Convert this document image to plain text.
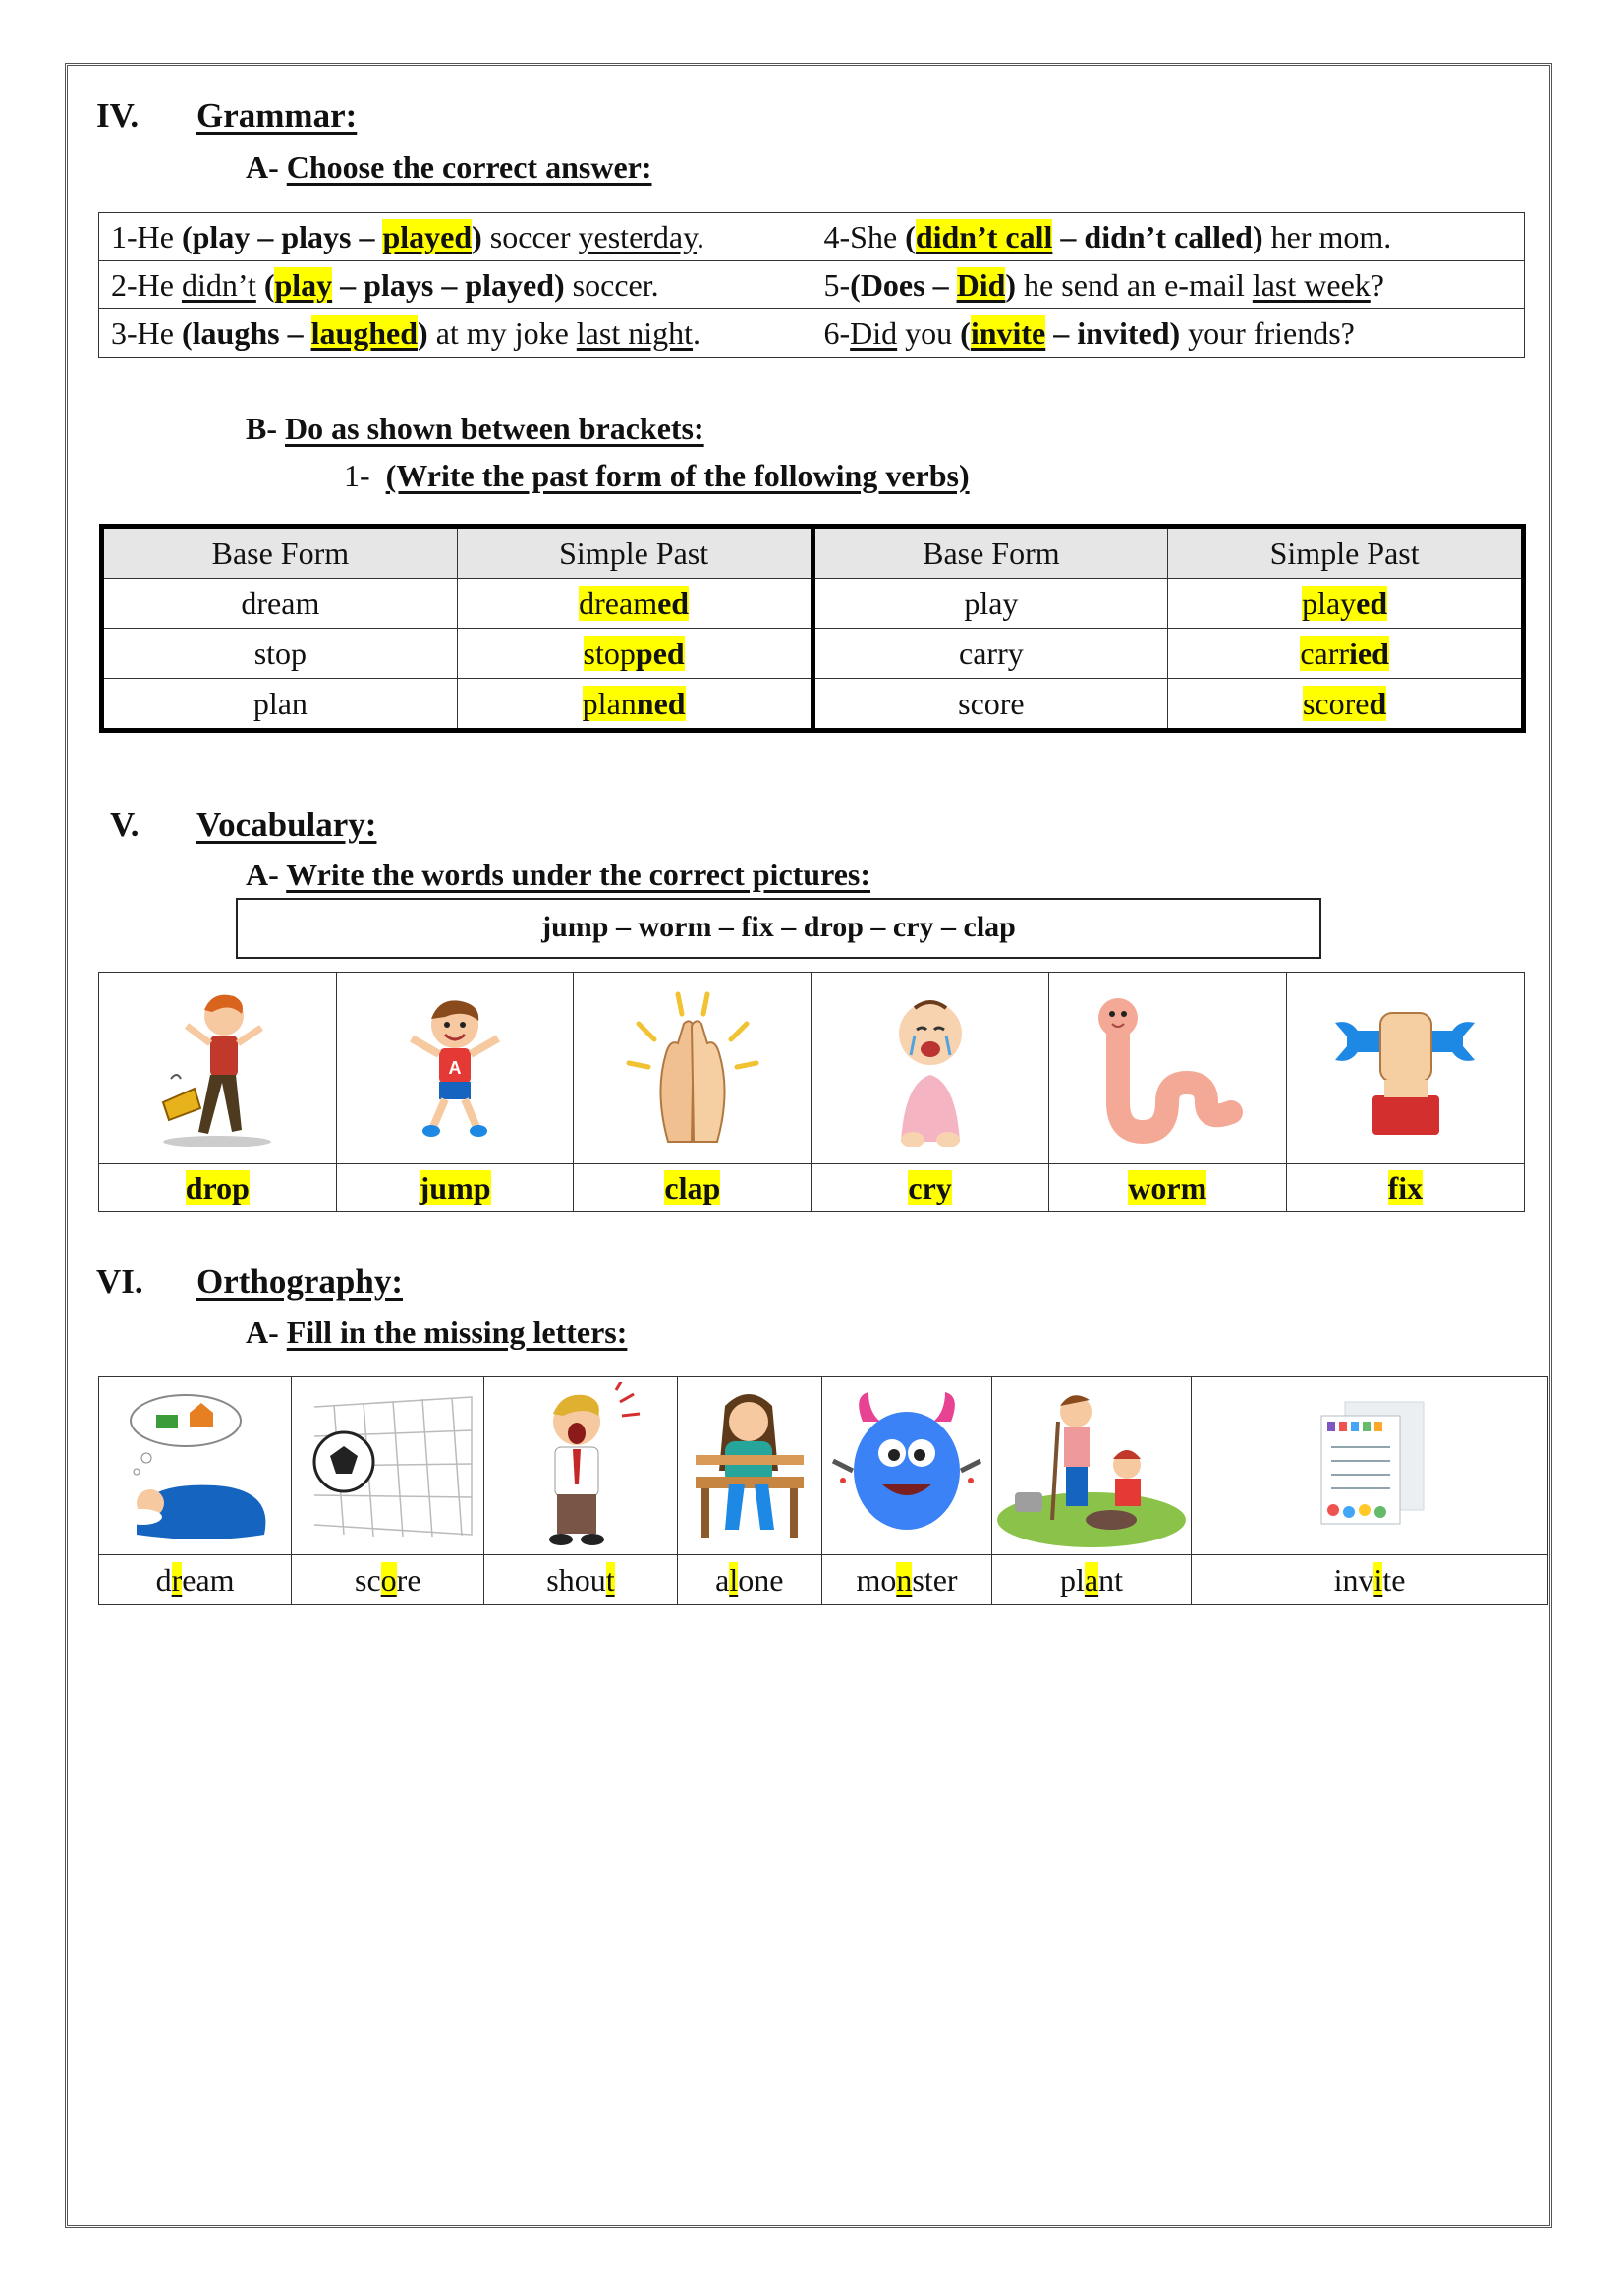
IV. Grammar:
A- Choose the correct answer:
1-He (play – plays – played) soccer yesterday.	4-She (didn’t call – didn’t called) her mom.
2-He didn’t (play – plays – played) soccer.	5-(Does – Did) he send an e-mail last week?
3-He (laughs – laughed) at my joke last night.	6-Did you (invite – invited) your friends?
B- Do as shown between brackets:
1- (Write the past form of the following verbs)
Base Form	Simple Past	Base Form	Simple Past
dream	dreamed	play	played
stop	stopped	carry	carried
plan	planned	score	scored
V. Vocabulary:
A- Write the words under the correct pictures:
jump – worm – fix – drop – cry – clap

A

drop	jump	clap	cry	worm	fix
VI. Orthography:
A- Fill in the missing letters:

dream	score	shout	alone	monster	plant	invite
